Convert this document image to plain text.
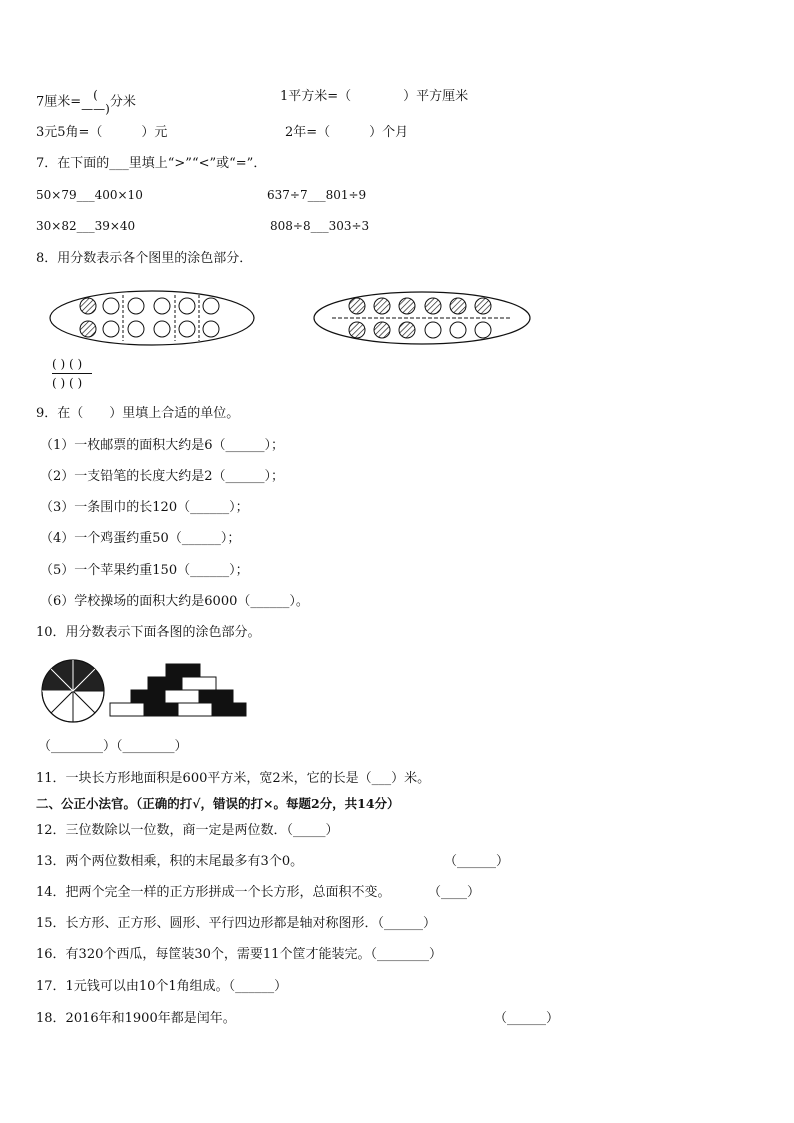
7厘米=	(
——) 分米	1平方米=（　　　　）平方厘米
3元5角=（　　　）元	2年=（　　　）个月
7．在下面的___里填上“>”“<”或“=”．
50×79___400×10	637÷7___801÷9
30×82___39×40	808÷8___303÷3
8．用分数表示各个图里的涂色部分．
( ) ( )
( ) ( )
9．在（　　）里填上合适的单位。
（1）一枚邮票的面积大约是6（______）；
（2）一支铅笔的长度大约是2（______）；
（3）一条围巾的长120（______）；
（4）一个鸡蛋约重50（______）；
（5）一个苹果约重150（______）；
（6）学校操场的面积大约是6000（______）。
10．用分数表示下面各图的涂色部分。
（________）（________）
11．一块长方形地面积是600平方米，宽2米，它的长是（___）米。
二、公正小法官。（正确的打√，错误的打×。每题2分，共14分）
12．三位数除以一位数，商一定是两位数．（_____）
13．两个两位数相乘，积的末尾最多有3个0。	（______）
14．把两个完全一样的正方形拼成一个长方形，总面积不变。	（____）
15．长方形、正方形、圆形、平行四边形都是轴对称图形．（______）
16．有320个西瓜，每筐装30个，需要11个筐才能装完。（________）
17．1元钱可以由10个1角组成。（______）
18．2016年和1900年都是闰年。	（______）
